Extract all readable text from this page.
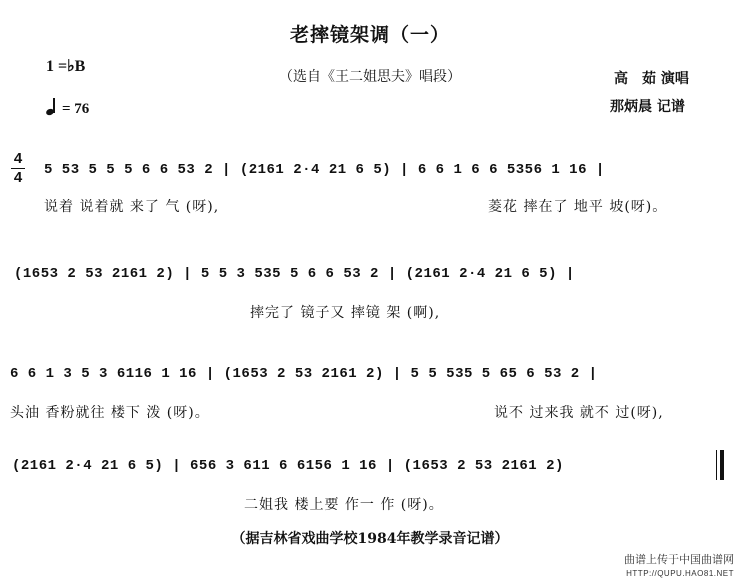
老摔镜架调（一）
（选自《王二姐思夫》唱段）
1 =♭B
= 76
高　茹 演唱
那炳晨 记谱
4
4 5 53 5 5 5 6 6 53 2 | (2161 2·4 21 6 5) | 6 6 1 6 6 5356 1 16 |
说着 说着就 来了 气 (呀),	菱花 摔在了 地平 坡(呀)。
(1653 2 53 2161 2) | 5 5 3 535 5 6 6 53 2 | (2161 2·4 21 6 5) |
摔完了 镜子又 摔镜 架 (啊),
6 6 1 3 5 3 6116 1 16 | (1653 2 53 2161 2) | 5 5 535 5 65 6 53 2 |
头油 香粉就往 楼下 泼 (呀)。	说不 过来我 就不 过(呀),
(2161 2·4 21 6 5) | 656 3 611 6 6156 1 16 | (1653 2 53 2161 2)
二姐我 楼上要 作一 作 (呀)。
（据吉林省戏曲学校1984年教学录音记谱）
曲谱上传于中国曲谱网
HTTP://QUPU.HAO81.NET
